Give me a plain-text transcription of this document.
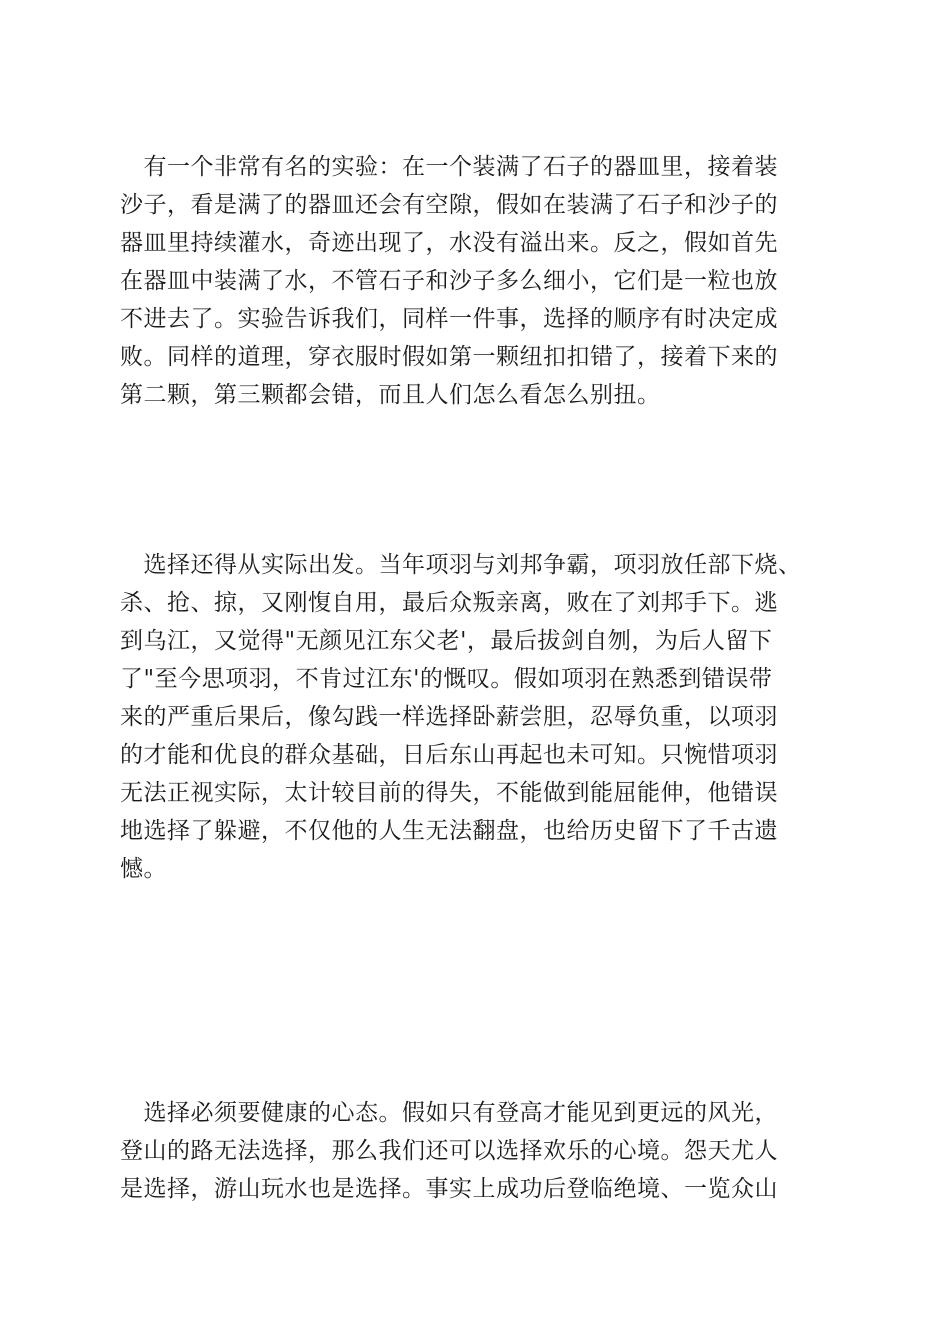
　有一个非常有名的实验：在一个装满了石子的器皿里，接着装
沙子，看是满了的器皿还会有空隙，假如在装满了石子和沙子的
器皿里持续灌水，奇迹出现了，水没有溢出来。反之，假如首先
在器皿中装满了水，不管石子和沙子多么细小，它们是一粒也放
不进去了。实验告诉我们，同样一件事，选择的顺序有时决定成
败。同样的道理，穿衣服时假如第一颗纽扣扣错了，接着下来的
第二颗，第三颗都会错，而且人们怎么看怎么别扭。
　选择还得从实际出发。当年项羽与刘邦争霸，项羽放任部下烧、
杀、抢、掠，又刚愎自用，最后众叛亲离，败在了刘邦手下。逃
到乌江，又觉得"无颜见江东父老'，最后拔剑自刎，为后人留下
了"至今思项羽，不肯过江东'的慨叹。假如项羽在熟悉到错误带
来的严重后果后，像勾践一样选择卧薪尝胆，忍辱负重，以项羽
的才能和优良的群众基础，日后东山再起也未可知。只惋惜项羽
无法正视实际，太计较目前的得失，不能做到能屈能伸，他错误
地选择了躲避，不仅他的人生无法翻盘，也给历史留下了千古遗
憾。
　选择必须要健康的心态。假如只有登高才能见到更远的风光，
登山的路无法选择，那么我们还可以选择欢乐的心境。怨天尤人
是选择，游山玩水也是选择。事实上成功后登临绝境、一览众山
